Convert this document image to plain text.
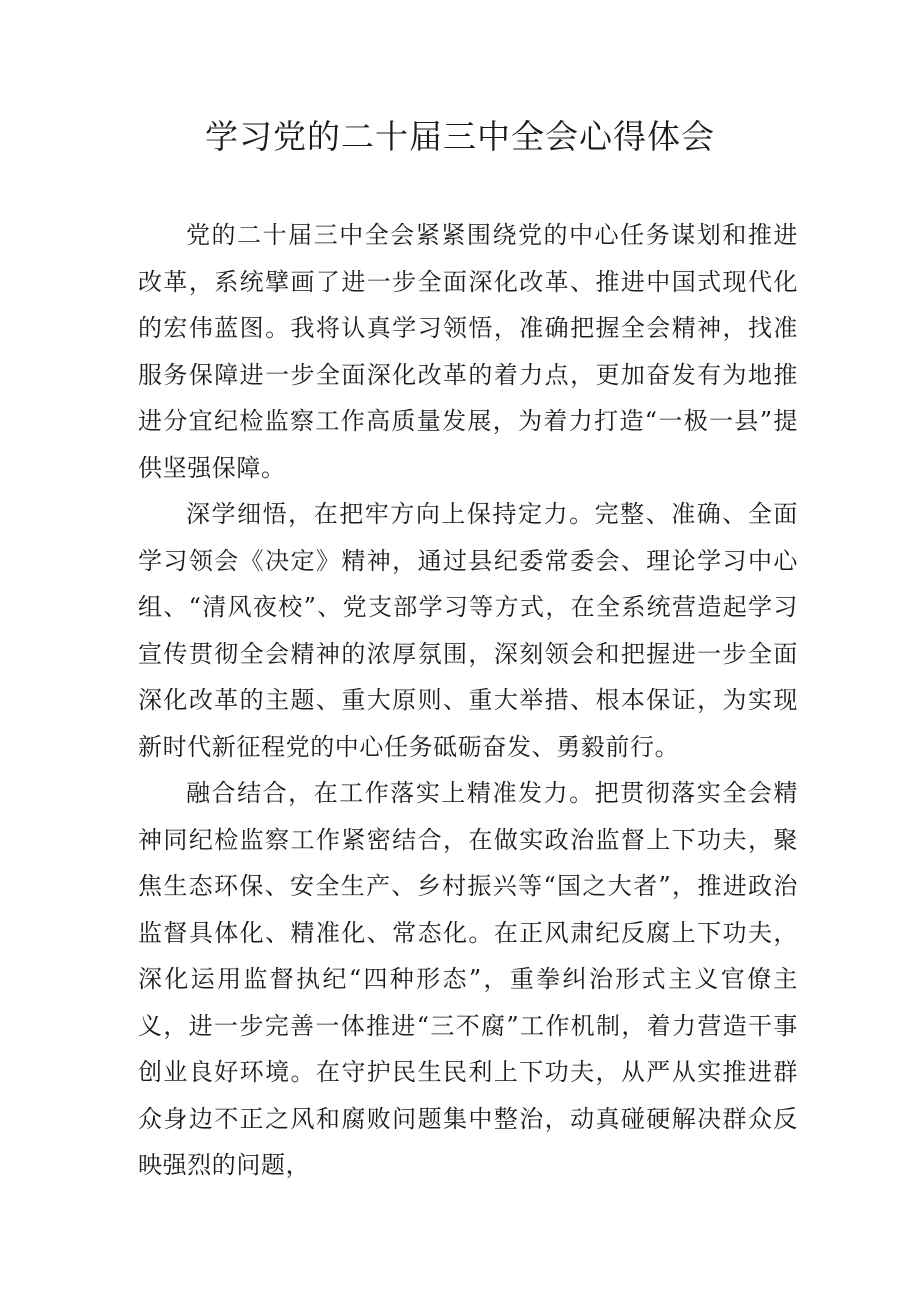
学习党的二十届三中全会心得体会

党的二十届三中全会紧紧围绕党的中心任务谋划和推进改革，系统擘画了进一步全面深化改革、推进中国式现代化的宏伟蓝图。我将认真学习领悟，准确把握全会精神，找准服务保障进一步全面深化改革的着力点，更加奋发有为地推进分宜纪检监察工作高质量发展，为着力打造“一极一县”提供坚强保障。

深学细悟，在把牢方向上保持定力。完整、准确、全面学习领会《决定》精神，通过县纪委常委会、理论学习中心组、“清风夜校”、党支部学习等方式，在全系统营造起学习宣传贯彻全会精神的浓厚氛围，深刻领会和把握进一步全面深化改革的主题、重大原则、重大举措、根本保证，为实现新时代新征程党的中心任务砥砺奋发、勇毅前行。

融合结合，在工作落实上精准发力。把贯彻落实全会精神同纪检监察工作紧密结合，在做实政治监督上下功夫，聚焦生态环保、安全生产、乡村振兴等“国之大者”，推进政治监督具体化、精准化、常态化。在正风肃纪反腐上下功夫，深化运用监督执纪“四种形态”，重拳纠治形式主义官僚主义，进一步完善一体推进“三不腐”工作机制，着力营造干事创业良好环境。在守护民生民利上下功夫，从严从实推进群众身边不正之风和腐败问题集中整治，动真碰硬解决群众反映强烈的问题，
